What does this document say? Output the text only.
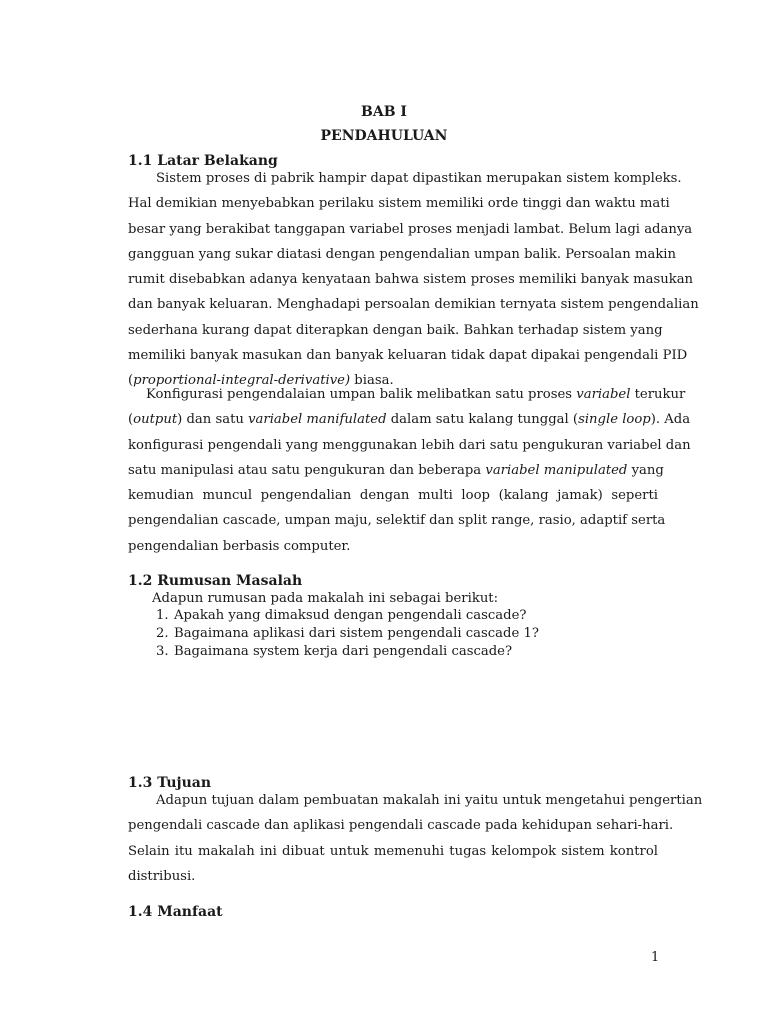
BAB I
PENDAHULUAN
1.1 Latar Belakang
Sistem proses di pabrik hampir dapat dipastikan merupakan sistem kompleks.
Hal demikian menyebabkan perilaku sistem memiliki orde tinggi dan waktu mati
besar yang berakibat tanggapan variabel proses menjadi lambat. Belum lagi adanya
gangguan yang sukar diatasi dengan pengendalian umpan balik. Persoalan makin
rumit disebabkan adanya kenyataan bahwa sistem proses memiliki banyak masukan
dan banyak keluaran. Menghadapi persoalan demikian ternyata sistem pengendalian
sederhana kurang dapat diterapkan dengan baik. Bahkan terhadap sistem yang
memiliki banyak masukan dan banyak keluaran tidak dapat dipakai pengendali PID
(proportional-integral-derivative) biasa.
Konfigurasi pengendalaian umpan balik melibatkan satu proses variabel terukur
(output) dan satu variabel manifulated dalam satu kalang tunggal (single loop). Ada
konfigurasi pengendali yang menggunakan lebih dari satu pengukuran variabel dan
satu manipulasi atau satu pengukuran dan beberapa variabel manipulated yang
kemudian muncul pengendalian dengan multi loop (kalang jamak) seperti
pengendalian cascade, umpan maju, selektif dan split range, rasio, adaptif serta
pengendalian berbasis computer.
1.2 Rumusan Masalah

Adapun rumusan pada makalah ini sebagai berikut:

1. Apakah yang dimaksud dengan pengendali cascade?
2. Bagaimana aplikasi dari sistem pengendali cascade 1?
3. Bagaimana system kerja dari pengendali cascade?
1.3 Tujuan
Adapun tujuan dalam pembuatan makalah ini yaitu untuk mengetahui pengertian
pengendali cascade dan aplikasi pengendali cascade pada kehidupan sehari-hari.
Selain itu makalah ini dibuat untuk memenuhi tugas kelompok sistem kontrol
distribusi.
1.4 Manfaat
1
